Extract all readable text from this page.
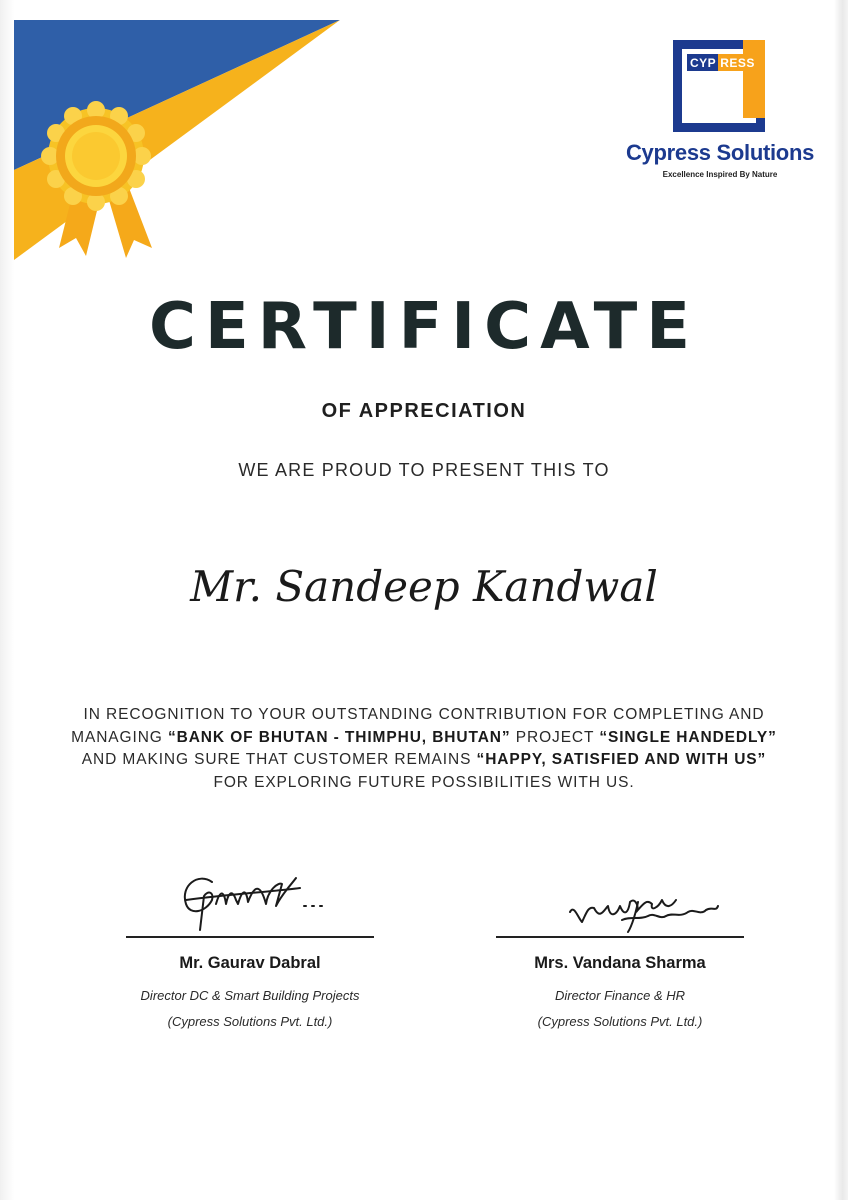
CYP RESS
Cypress Solutions
Excellence Inspired By Nature
CERTIFICATE
OF APPRECIATION
WE ARE PROUD TO PRESENT THIS TO
Mr. Sandeep Kandwal
IN RECOGNITION TO YOUR OUTSTANDING CONTRIBUTION FOR COMPLETING AND MANAGING “BANK OF BHUTAN - THIMPHU, BHUTAN” PROJECT “SINGLE HANDEDLY” AND MAKING SURE THAT CUSTOMER REMAINS “HAPPY, SATISFIED AND WITH US” FOR EXPLORING FUTURE POSSIBILITIES WITH US.
Mr. Gaurav Dabral
Director DC & Smart Building Projects
(Cypress Solutions Pvt. Ltd.)
Mrs. Vandana Sharma
Director Finance & HR
(Cypress Solutions Pvt. Ltd.)
